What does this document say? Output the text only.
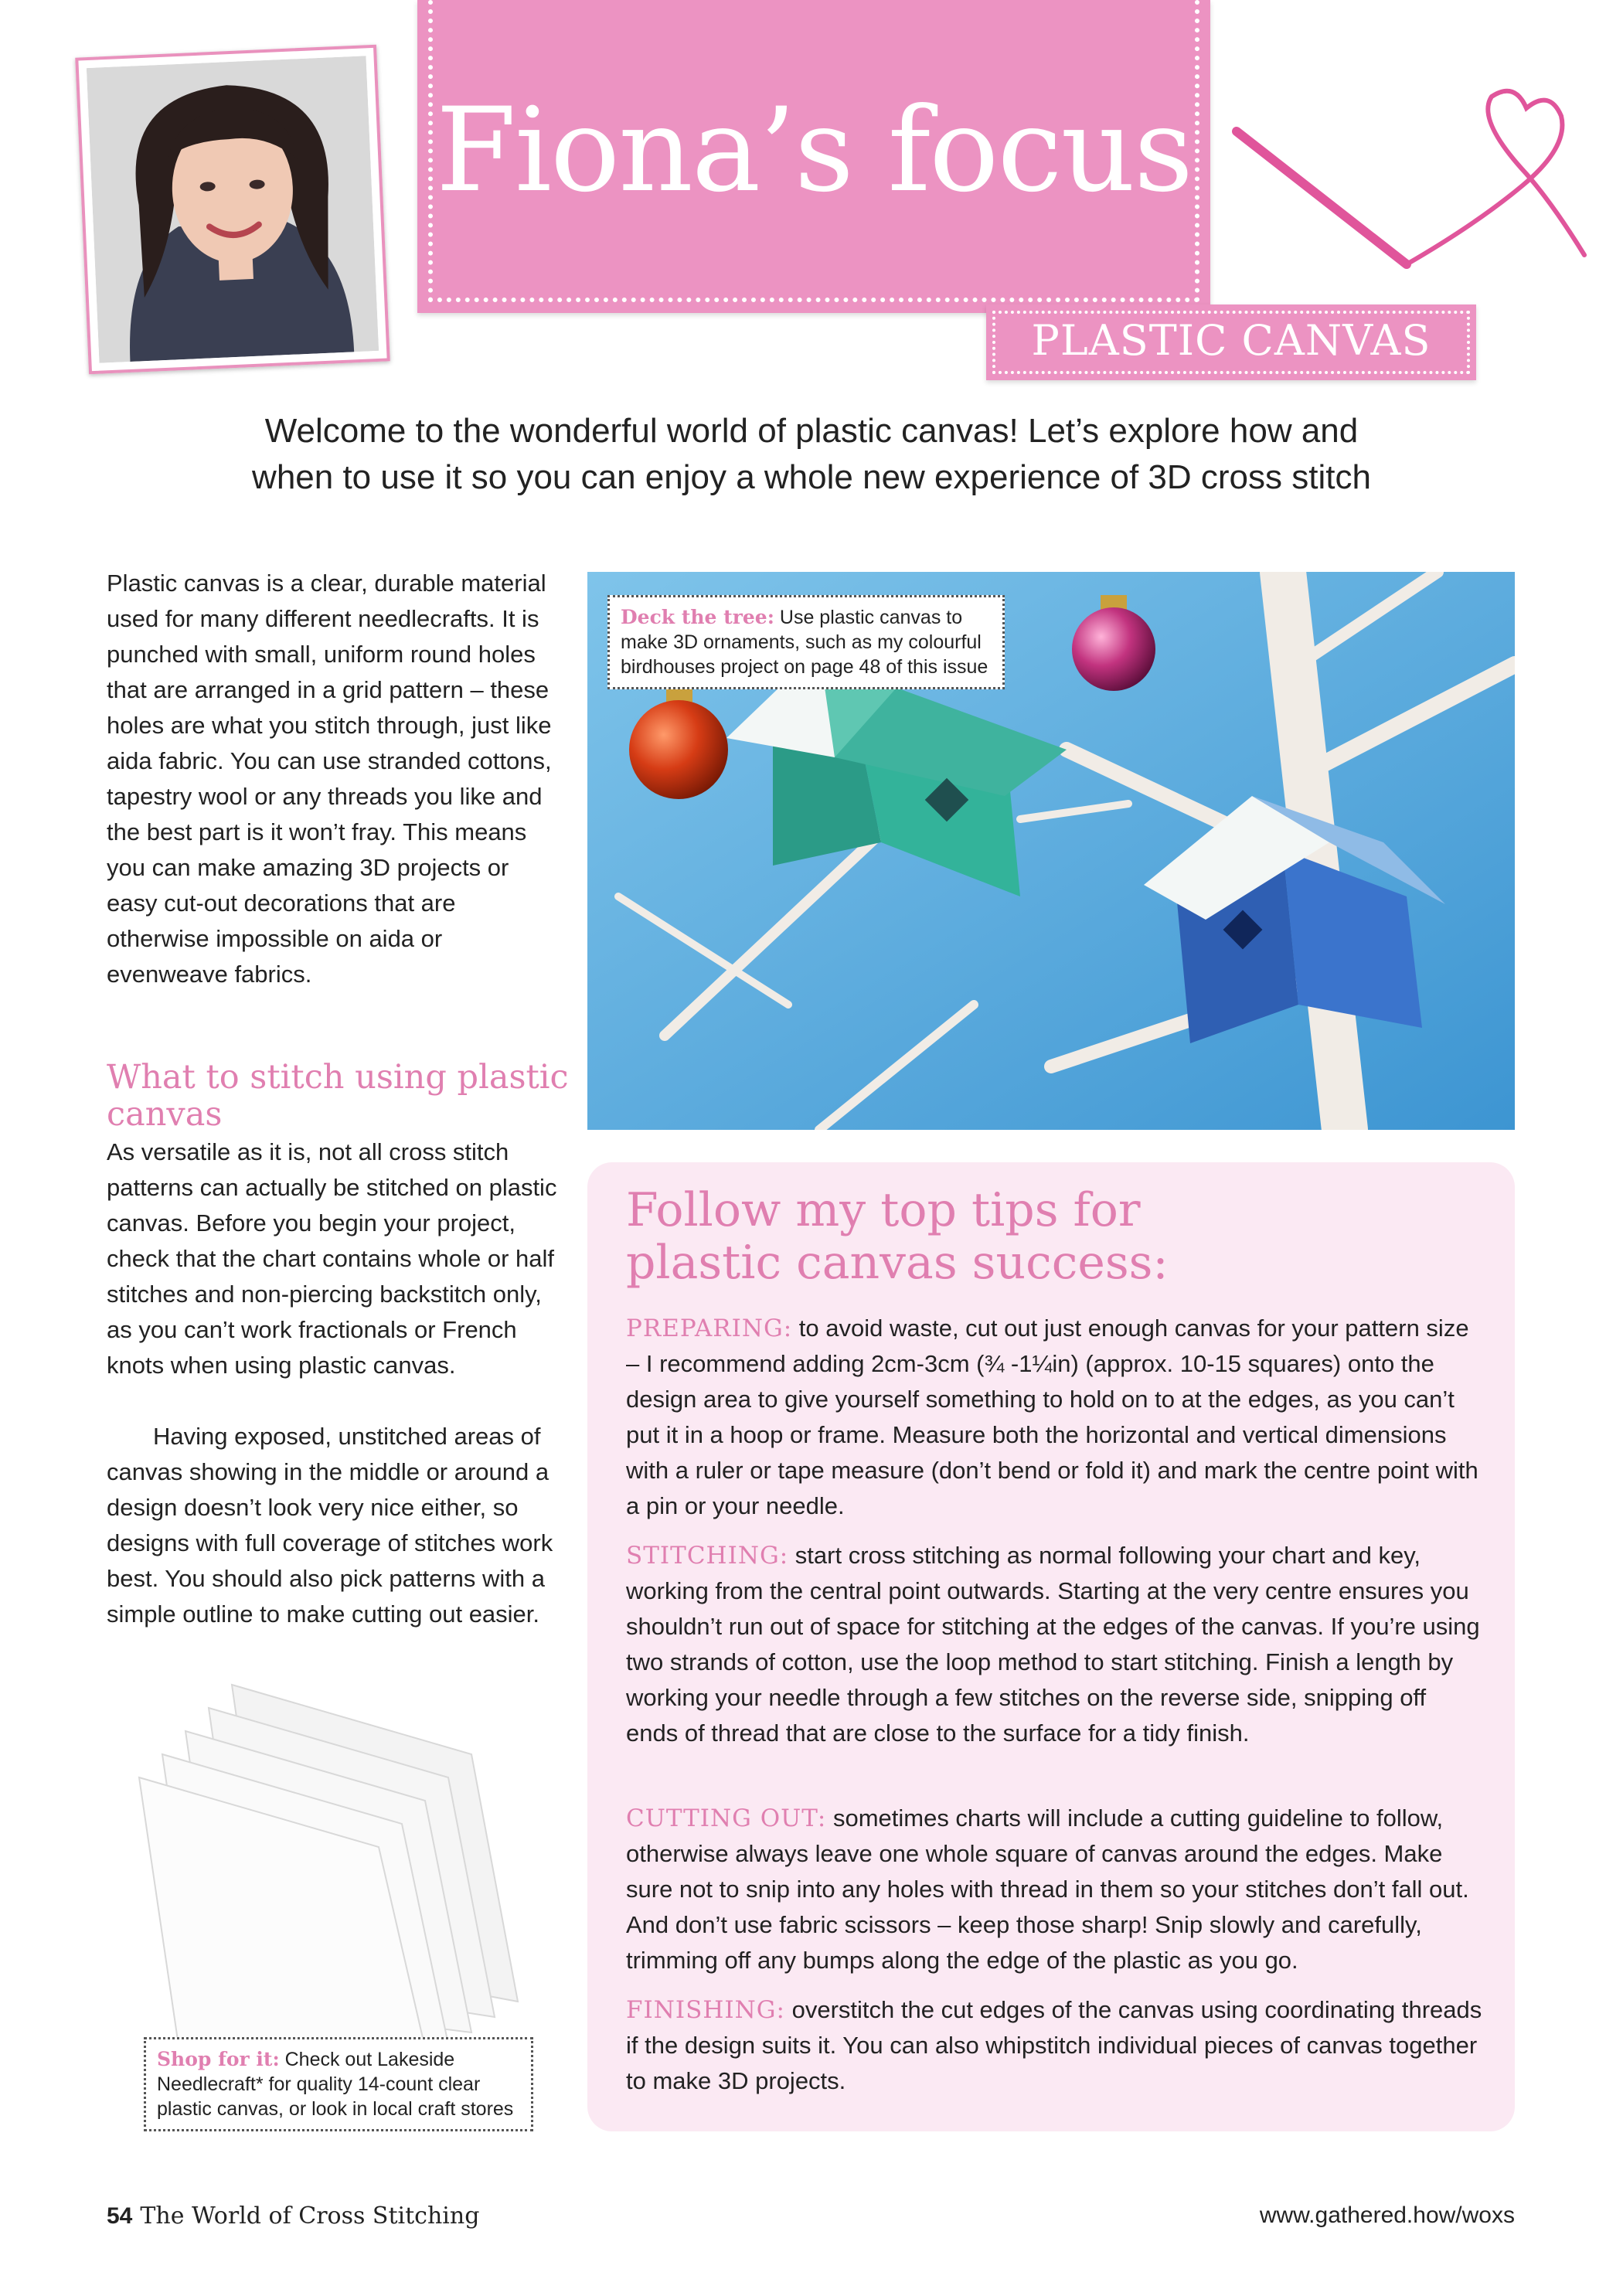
Fiona’s focus
PLASTIC CANVAS
Welcome to the wonderful world of plastic canvas! Let’s explore how and
when to use it so you can enjoy a whole new experience of 3D cross stitch
Plastic canvas is a clear, durable material used for many different needlecrafts. It is punched with small, uniform round holes that are arranged in a grid pattern – these holes are what you stitch through, just like aida fabric. You can use stranded cottons, tapestry wool or any threads you like and the best part is it won’t fray. This means you can make amazing 3D projects or easy cut-out decorations that are otherwise impossible on aida or evenweave fabrics.
What to stitch using plastic canvas
As versatile as it is, not all cross stitch patterns can actually be stitched on plastic canvas. Before you begin your project, check that the chart contains whole or half stitches and non-piercing backstitch only, as you can’t work fractionals or French knots when using plastic canvas.
Having exposed, unstitched areas of canvas showing in the middle or around a design doesn’t look very nice either, so designs with full coverage of stitches work best. You should also pick patterns with a simple outline to make cutting out easier.
Deck the tree: Use plastic canvas to make 3D ornaments, such as my colourful birdhouses project on page 48 of this issue
Shop for it: Check out Lakeside Needlecraft* for quality 14-count clear plastic canvas, or look in local craft stores
Follow my top tips for
plastic canvas success:
PREPARING: to avoid waste, cut out just enough canvas for your pattern size – I recommend adding 2cm-3cm (¾ -1¼in) (approx. 10-15 squares) onto the design area to give yourself something to hold on to at the edges, as you can’t put it in a hoop or frame. Measure both the horizontal and vertical dimensions with a ruler or tape measure (don’t bend or fold it) and mark the centre point with a pin or your needle.
STITCHING: start cross stitching as normal following your chart and key, working from the central point outwards. Starting at the very centre ensures you shouldn’t run out of space for stitching at the edges of the canvas. If you’re using two strands of cotton, use the loop method to start stitching. Finish a length by working your needle through a few stitches on the reverse side, snipping off ends of thread that are close to the surface for a tidy finish.
CUTTING OUT: sometimes charts will include a cutting guideline to follow, otherwise always leave one whole square of canvas around the edges. Make sure not to snip into any holes with thread in them so your stitches don’t fall out. And don’t use fabric scissors – keep those sharp! Snip slowly and carefully, trimming off any bumps along the edge of the plastic as you go.
FINISHING: overstitch the cut edges of the canvas using coordinating threads if the design suits it. You can also whipstitch individual pieces of canvas together to make 3D projects.
54 The World of Cross Stitching	www.gathered.how/woxs
